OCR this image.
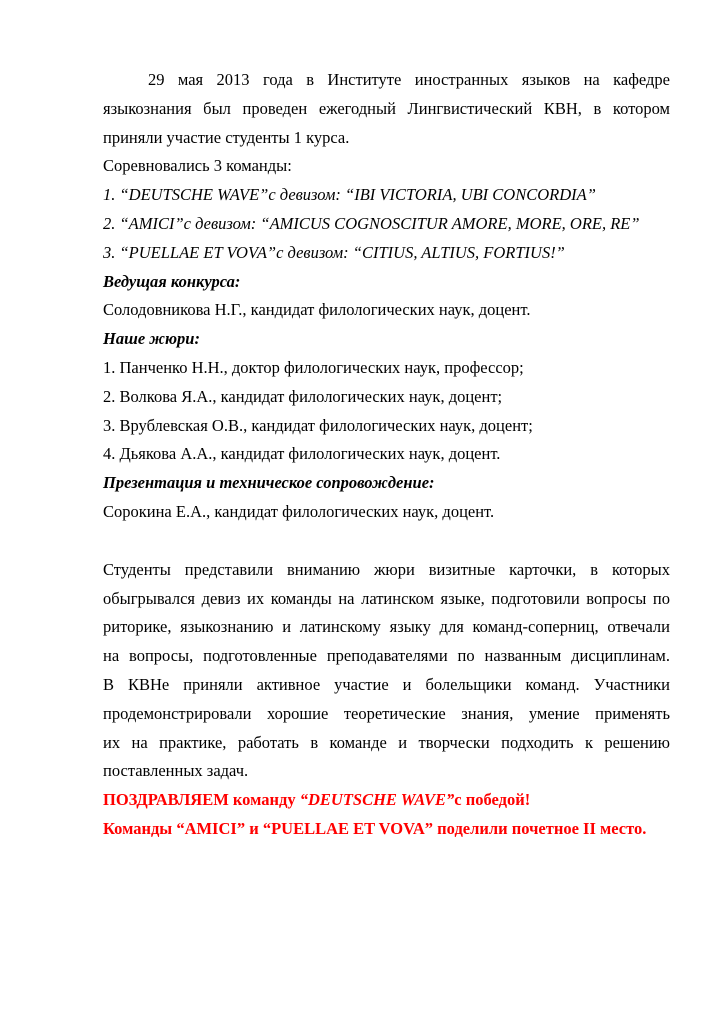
29 мая 2013 года в Институте иностранных языков на кафедре
языкознания был проведен ежегодный Лингвистический КВН, в котором
приняли участие студенты 1 курса.
Соревновались 3 команды:
1. “DEUTSCHE WAVE”с девизом: “IBI VICTORIA, UBI CONCORDIA”
2. “AMICI”с девизом: “AMICUS COGNOSCITUR AMORE, MORE, ORE, RE”
3. “PUELLAE ET VOVA”с девизом: “CITIUS, ALTIUS, FORTIUS!”
Ведущая конкурса:
Солодовникова Н.Г., кандидат филологических наук, доцент.
Наше жюри:
1. Панченко Н.Н., доктор филологических наук, профессор;
2. Волкова Я.А., кандидат филологических наук, доцент;
3. Врублевская О.В., кандидат филологических наук, доцент;
4. Дьякова А.А., кандидат филологических наук, доцент.
Презентация и техническое сопровождение:
Сорокина Е.А., кандидат филологических наук, доцент.
Студенты представили вниманию жюри визитные карточки, в которых
обыгрывался девиз их команды на латинском языке, подготовили вопросы по
риторике, языкознанию и латинскому языку для команд-соперниц, отвечали
на вопросы, подготовленные преподавателями по названным дисциплинам.
В КВНе приняли активное участие и болельщики команд. Участники
продемонстрировали хорошие теоретические знания, умение применять
их на практике, работать в команде и творчески подходить к решению
поставленных задач.
ПОЗДРАВЛЯЕМ команду “DEUTSCHE WAVE”с победой!
Команды “AMICI” и “PUELLAE ET VOVA” поделили почетное II место.
